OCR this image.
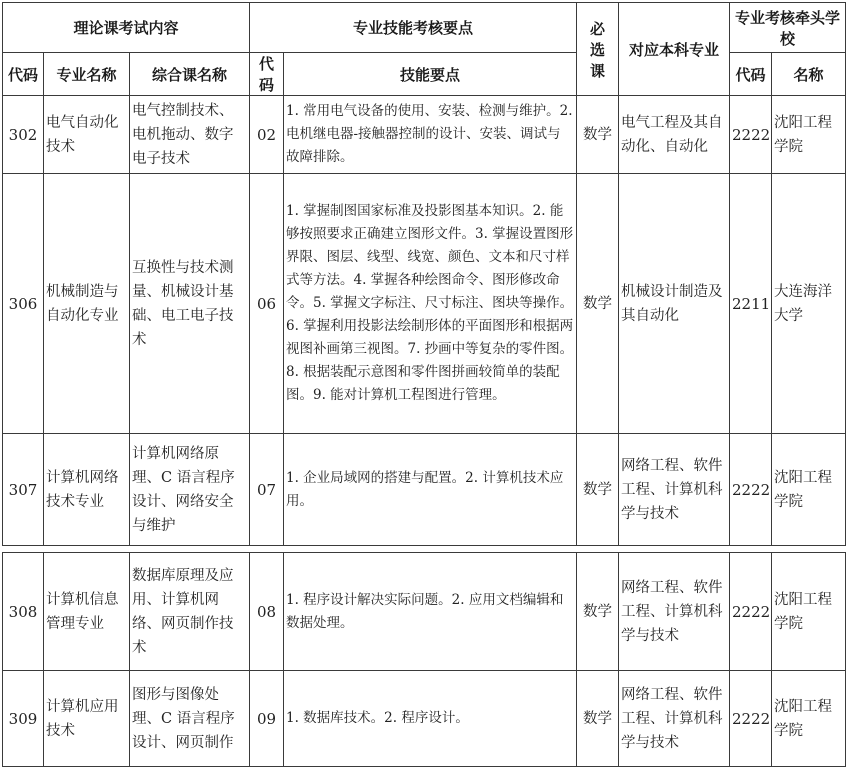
理论课考试内容			专业技能考核要点		必选课	对应本科专业	专业考核牵头学校	
代码	专业名称	综合课名称	代码	技能要点			代码	名称
302	电气自动化技术	电气控制技术、电机拖动、数字电子技术	02	1. 常用电气设备的使用、安装、检测与维护。2. 电机继电器-接触器控制的设计、安装、调试与故障排除。	数学	电气工程及其自动化、自动化	2222	沈阳工程学院
306	机械制造与自动化专业	互换性与技术测量、机械设计基础、电工电子技术	06	1. 掌握制图国家标准及投影图基本知识。2. 能够按照要求正确建立图形文件。3. 掌握设置图形界限、图层、线型、线宽、颜色、文本和尺寸样式等方法。4. 掌握各种绘图命令、图形修改命令。5. 掌握文字标注、尺寸标注、图块等操作。6. 掌握利用投影法绘制形体的平面图形和根据两视图补画第三视图。7. 抄画中等复杂的零件图。8. 根据装配示意图和零件图拼画较简单的装配图。9. 能对计算机工程图进行管理。	数学	机械设计制造及其自动化	2211	大连海洋大学
307	计算机网络技术专业	计算机网络原理、C 语言程序设计、网络安全与维护	07	1. 企业局域网的搭建与配置。2. 计算机技术应用。	数学	网络工程、软件工程、计算机科学与技术	2222	沈阳工程学院

308	计算机信息管理专业	数据库原理及应用、计算机网络、网页制作技术	08	1. 程序设计解决实际问题。2. 应用文档编辑和数据处理。	数学	网络工程、软件工程、计算机科学与技术	2222	沈阳工程学院
309	计算机应用技术	图形与图像处理、C 语言程序设计、网页制作	09	1. 数据库技术。2. 程序设计。	数学	网络工程、软件工程、计算机科学与技术	2222	沈阳工程学院
